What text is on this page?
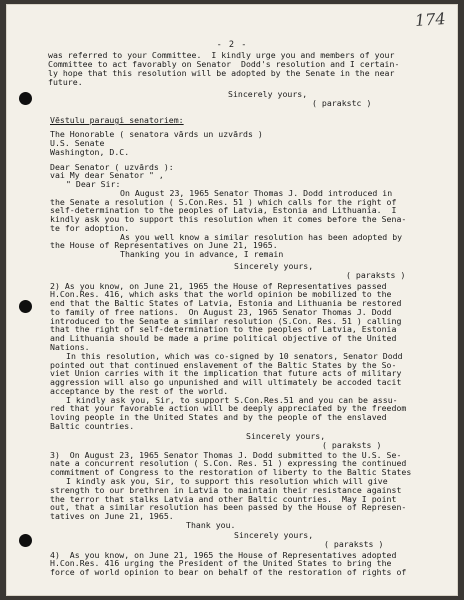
174
- 2 -
was referred to your Committee.  I kindly urge you and members of your
Committee to act favorably on Senator  Dodd's resolution and I certain-
ly hope that this resolution will be adopted by the Senate in the near
future.
Sincerely yours,
( parakstc )
Vēstulu paraugi senatoriem:
The Honorable ( senatora vārds un uzvārds )
U.S. Senate
Washington, D.C.
Dear Senator ( uzvārds ):
vai My dear Senator " ,
" Dear Sir:
On August 23, 1965 Senator Thomas J. Dodd introduced in
the Senate a resolution ( S.Con.Res. 51 ) which calls for the right of
self-determination to the peoples of Latvia, Estonia and Lithuania.  I
kindly ask you to support this resolution when it comes before the Sena-
te for adoption.
As you well know a similar resolution has been adopted by
the House of Representatives on June 21, 1965.
Thanking you in advance, I remain
Sincerely yours,
( paraksts )
2) As you know, on June 21, 1965 the House of Representatives passed
H.Con.Res. 416, which asks that the world opinion be mobilized to the
end that the Baltic States of Latvia, Estonia and Lithuania be restored
to family of free nations.  On August 23, 1965 Senator Thomas J. Dodd
introduced to the Senate a similar resolution (S.Con. Res. 51 ) calling
that the right of self-determination to the peoples of Latvia, Estonia
and Lithuania should be made a prime political objective of the United
Nations.
In this resolution, which was co-signed by 10 senators, Senator Dodd
pointed out that continued enslavement of the Baltic States by the So-
viet Union carries with it the implication that future acts of military
aggression will also go unpunished and will ultimately be accoded tacit
acceptance by the rest of the world.
I kindly ask you, Sir, to support S.Con.Res.51 and you can be assu-
red that your favorable action will be deeply appreciated by the freedom
loving people in the United States and by the people of the enslaved
Baltic countries.
Sincerely yours,
( paraksts )
3)  On August 23, 1965 Senator Thomas J. Dodd submitted to the U.S. Se-
nate a concurrent resolution ( S.Con. Res. 51 ) expressing the continued
commitment of Congress to the restoration of liberty to the Baltic States
I kindly ask you, Sir, to support this resolution which will give
strength to our brethren in Latvia to maintain their resistance against
the terror that stalks Latvia and other Baltic countries.  May I point
out, that a similar resolution has been passed by the House of Represen-
tatives on June 21, 1965.
Thank you.
Sincerely yours,
( paraksts )
4)  As you know, on June 21, 1965 the House of Representatives adopted
H.Con.Res. 416 urging the President of the United States to bring the
force of world opinion to bear on behalf of the restoration of rights of
